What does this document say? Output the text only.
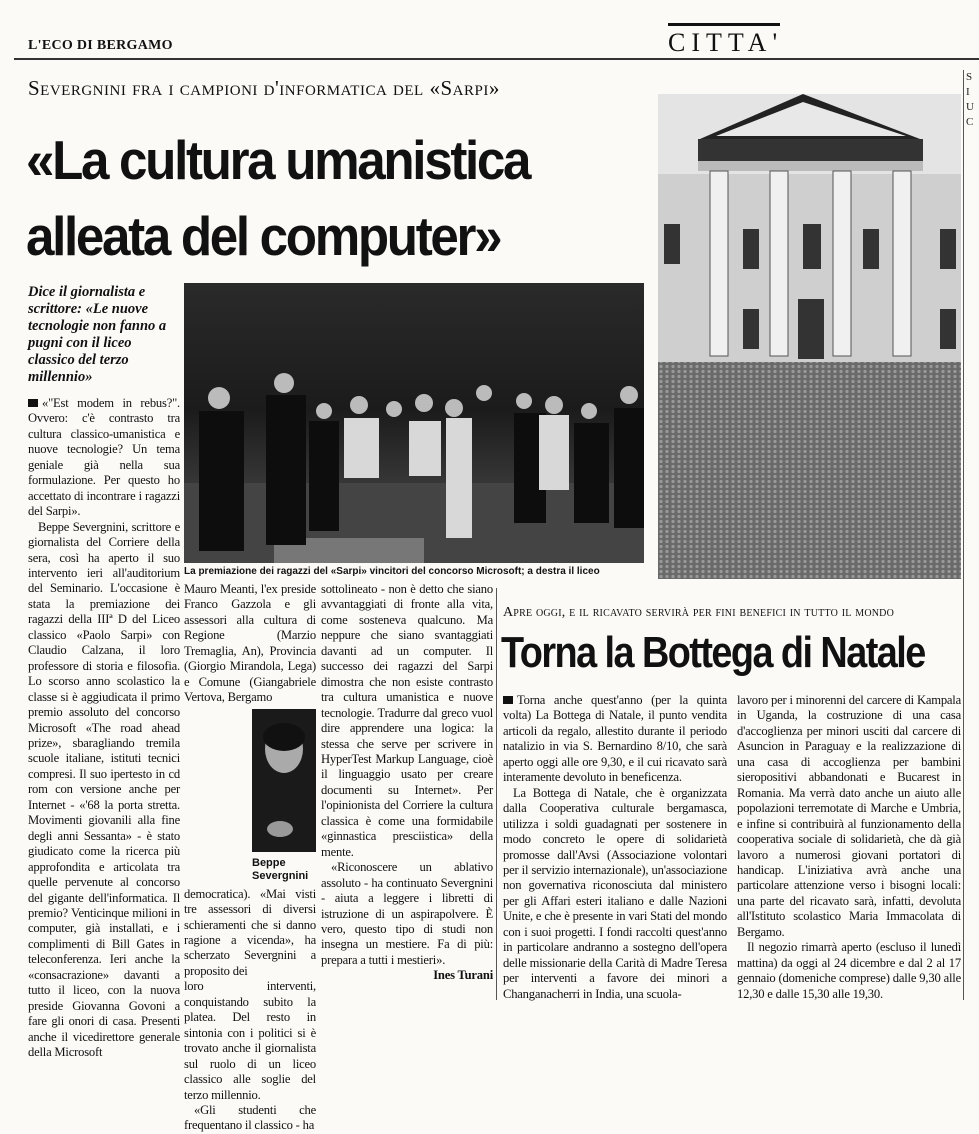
L'ECO DI BERGAMO	CITTA'
Severgnini fra i campioni d'informatica del «Sarpi»
«La cultura umanistica
alleata del computer»
Dice il giornalista e scrittore: «Le nuove tecnologie non fanno a pugni con il liceo classico del terzo millennio»

«"Est modem in rebus?". Ovvero: c'è contrasto tra cultura classico-umanistica e nuove tecnologie? Un tema geniale già nella sua formulazione. Per questo ho accettato di incontrare i ragazzi del Sarpi».

Beppe Severgnini, scrittore e giornalista del Corriere della sera, così ha aperto il suo intervento ieri all'auditorium del Seminario. L'occasione è stata la premiazione dei ragazzi della IIIª D del Liceo classico «Paolo Sarpi» con Claudio Calzana, il loro professore di storia e filosofia. Lo scorso anno scolastico la classe si è aggiudicata il primo premio assoluto del concorso Microsoft «The road ahead prize», sbaragliando tremila scuole italiane, istituti tecnici compresi. Il suo ipertesto in cd rom con versione anche per Internet - «'68 la porta stretta. Movimenti giovanili alla fine degli anni Sessanta» - è stato giudicato come la ricerca più approfondita e articolata tra quelle pervenute al concorso del gigante dell'informatica. Il premio? Venticinque milioni in computer, già installati, e i complimenti di Bill Gates in teleconferenza. Ieri anche la «consacrazione» davanti a tutto il liceo, con la nuova preside Giovanna Govoni a fare gli onori di casa. Presenti anche il vicedirettore generale della Microsoft

La premiazione dei ragazzi del «Sarpi» vincitori del concorso Microsoft; a destra il liceo
S
I
U
C

Mauro Meanti, l'ex preside Franco Gazzola e gli assessori alla cultura di Regione (Marzio Tremaglia, An), Provincia (Giorgio Mirandola, Lega) e Comune (Giangabriele Vertova, Bergamo

Beppe Severgnini

democratica). «Mai visti tre assessori di diversi schieramenti che si danno ragione a vicenda», ha scherzato Severgnini a proposito dei

loro interventi, conquistando subito la platea. Del resto in sintonia con i politici si è trovato anche il giornalista sul ruolo di un liceo classico alle soglie del terzo millennio.

«Gli studenti che frequentano il classico - ha

sottolineato - non è detto che siano avvantaggiati di fronte alla vita, come sosteneva qualcuno. Ma neppure che siano svantaggiati davanti ad un computer. Il successo dei ragazzi del Sarpi dimostra che non esiste contrasto tra cultura umanistica e nuove tecnologie. Tradurre dal greco vuol dire apprendere una logica: la stessa che serve per scrivere in HyperTest Markup Language, cioè il linguaggio usato per creare documenti su Internet». Per l'opinionista del Corriere la cultura classica è come una formidabile «ginnastica presciistica» della mente.

«Riconoscere un ablativo assoluto - ha continuato Severgnini - aiuta a leggere i libretti di istruzione di un aspirapolvere. È vero, questo tipo di studi non insegna un mestiere. Fa di più: prepara a tutti i mestieri».

Ines Turani

Apre oggi, e il ricavato servirà per fini benefici in tutto il mondo
Torna la Bottega di Natale

Torna anche quest'anno (per la quinta volta) La Bottega di Natale, il punto vendita articoli da regalo, allestito durante il periodo natalizio in via S. Bernardino 8/10, che sarà aperto oggi alle ore 9,30, e il cui ricavato sarà interamente devoluto in beneficenza.

La Bottega di Natale, che è organizzata dalla Cooperativa culturale bergamasca, utilizza i soldi guadagnati per sostenere in modo concreto le opere di solidarietà promosse dall'Avsi (Associazione volontari per il servizio internazionale), un'associazione non governativa riconosciuta dal ministero per gli Affari esteri italiano e dalle Nazioni Unite, e che è presente in vari Stati del mondo con i suoi progetti. I fondi raccolti quest'anno in particolare andranno a sostegno dell'opera delle missionarie della Carità di Madre Teresa per interventi a favore dei minori a Changanacherri in India, una scuola-

lavoro per i minorenni del carcere di Kampala in Uganda, la costruzione di una casa d'accoglienza per minori usciti dal carcere di Asuncion in Paraguay e la realizzazione di una casa di accoglienza per bambini sieropositivi abbandonati e Bucarest in Romania. Ma verrà dato anche un aiuto alle popolazioni terremotate di Marche e Umbria, e infine si contribuirà al funzionamento della cooperativa sociale di solidarietà, che dà già lavoro a numerosi giovani portatori di handicap. L'iniziativa avrà anche una particolare attenzione verso i bisogni locali: una parte del ricavato sarà, infatti, devoluta all'Istituto scolastico Maria Immacolata di Bergamo.

Il negozio rimarrà aperto (escluso il lunedì mattina) da oggi al 24 dicembre e dal 2 al 17 gennaio (domeniche comprese) dalle 9,30 alle 12,30 e dalle 15,30 alle 19,30.
